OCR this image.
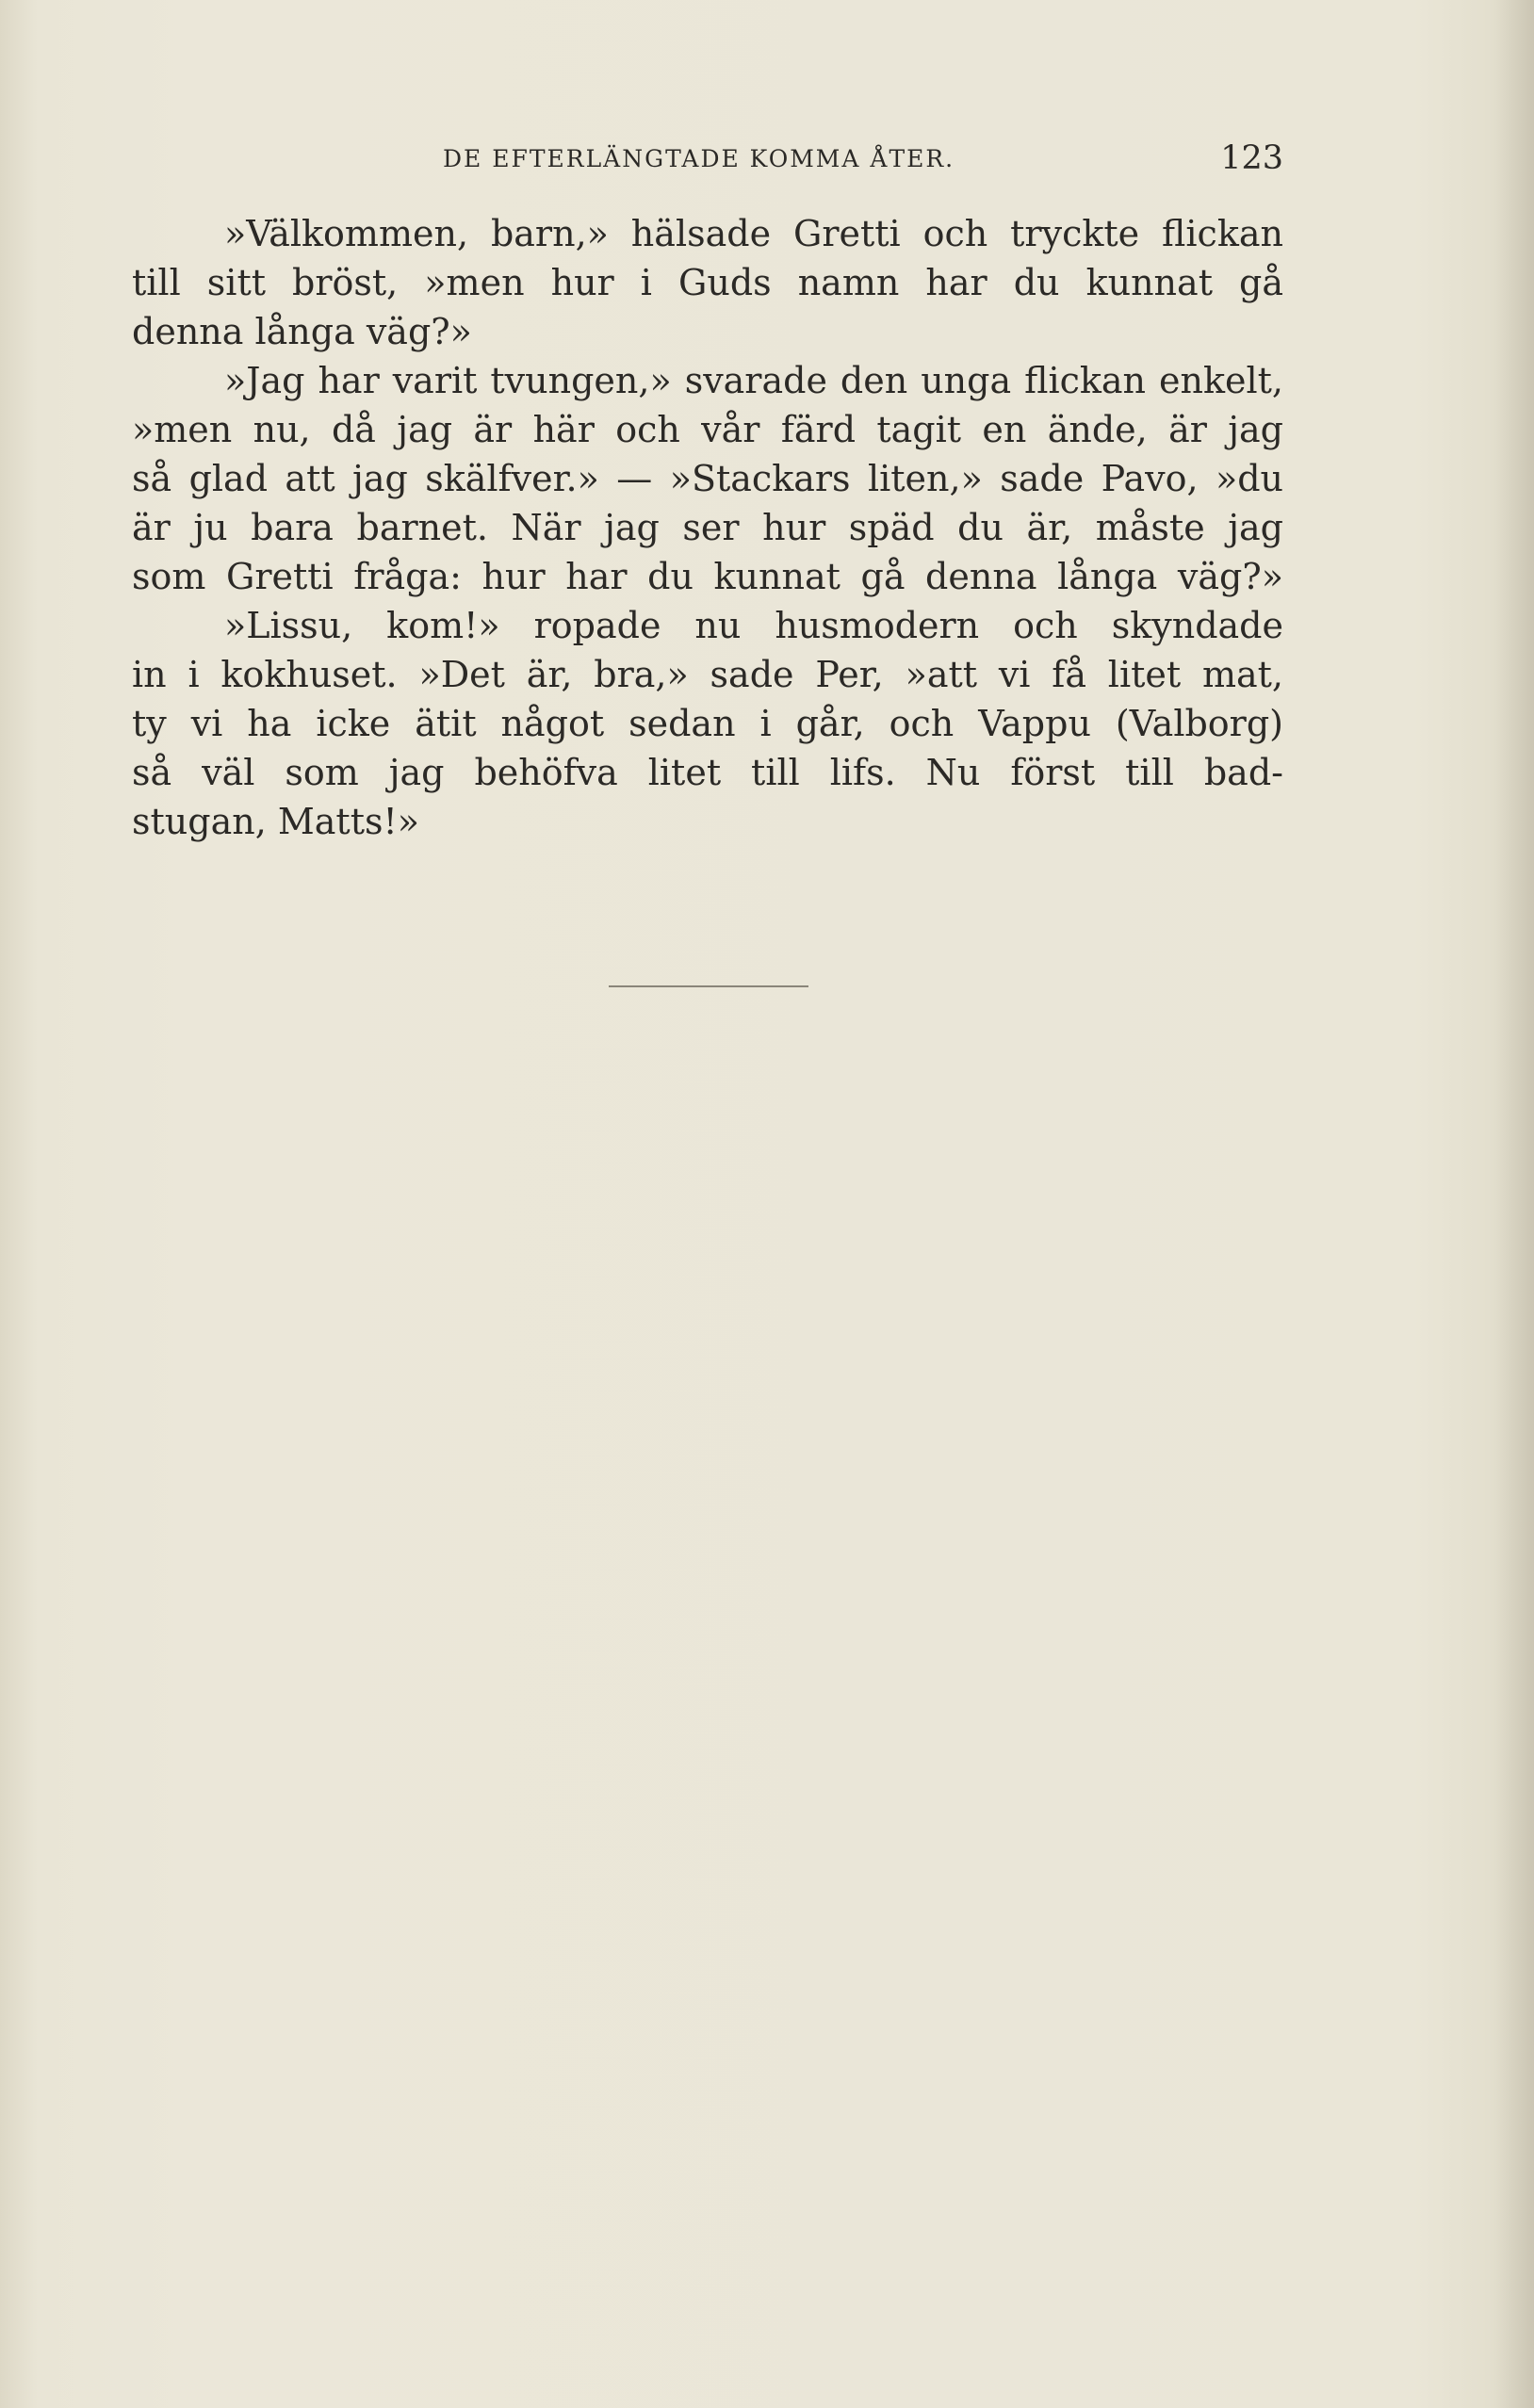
DE EFTERLÄNGTADE KOMMA ÅTER.	123
»Välkommen, barn,» hälsade Gretti och tryckte flickan
till sitt bröst, »men hur i Guds namn har du kunnat gå
denna långa väg?»
»Jag har varit tvungen,» svarade den unga flickan enkelt,
»men nu, då jag är här och vår färd tagit en ände, är jag
så glad att jag skälfver.» — »Stackars liten,» sade Pavo, »du
är ju bara barnet. När jag ser hur späd du är, måste jag
som Gretti fråga: hur har du kunnat gå denna långa väg?»
»Lissu, kom!» ropade nu husmodern och skyndade
in i kokhuset. »Det är, bra,» sade Per, »att vi få litet mat,
ty vi ha icke ätit något sedan i går, och Vappu (Valborg)
så väl som jag behöfva litet till lifs. Nu först till bad-
stugan, Matts!»
